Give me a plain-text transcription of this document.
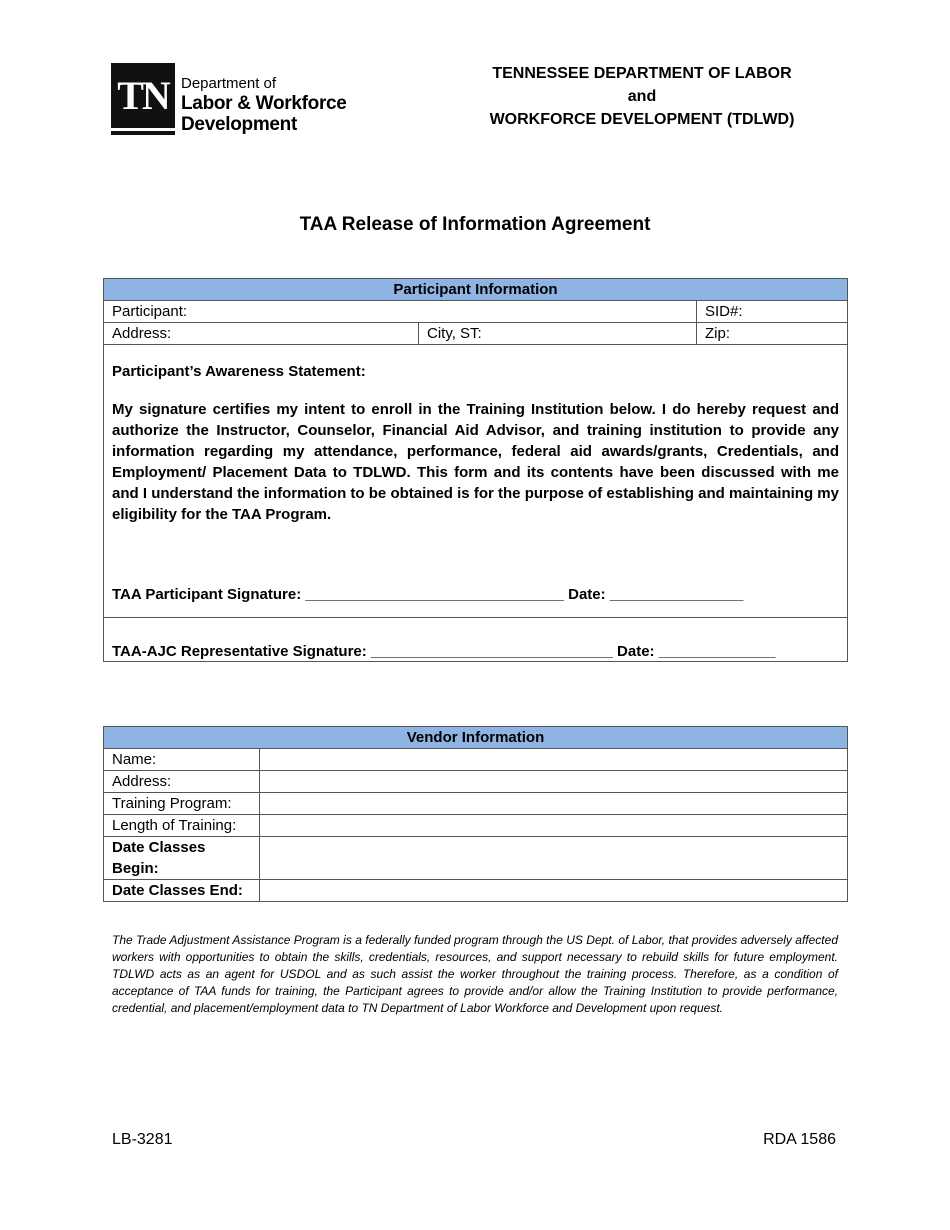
TN Department of
Labor & Workforce
Development
TENNESSEE DEPARTMENT OF LABOR
and
WORKFORCE DEVELOPMENT (TDLWD)
TAA Release of Information Agreement
Participant Information		
Participant:		SID#:
Address:	City, ST:	Zip:

Participant’s Awareness Statement:
My signature certifies my intent to enroll in the Training Institution below. I do hereby request and authorize the Instructor, Counselor, Financial Aid Advisor, and training institution to provide any information regarding my attendance, performance, federal aid awards/grants, Credentials, and Employment/ Placement Data to TDLWD. This form and its contents have been discussed with me and I understand the information to be obtained is for the purpose of establishing and maintaining my eligibility for the TAA Program.
TAA Participant Signature: _______________________________ Date: ________________		

TAA-AJC Representative Signature: _____________________________ Date: ______________		
Vendor Information	
Name:	
Address:	
Training Program:	
Length of Training:	
Date Classes Begin:	
Date Classes End:	
The Trade Adjustment Assistance Program is a federally funded program through the US Dept. of Labor, that provides adversely affected workers with opportunities to obtain the skills, credentials, resources, and support necessary to rebuild skills for future employment. TDLWD acts as an agent for USDOL and as such assist the worker throughout the training process. Therefore, as a condition of acceptance of TAA funds for training, the Participant agrees to provide and/or allow the Training Institution to provide performance, credential, and placement/employment data to TN Department of Labor Workforce and Development upon request.
LB-3281	RDA 1586
